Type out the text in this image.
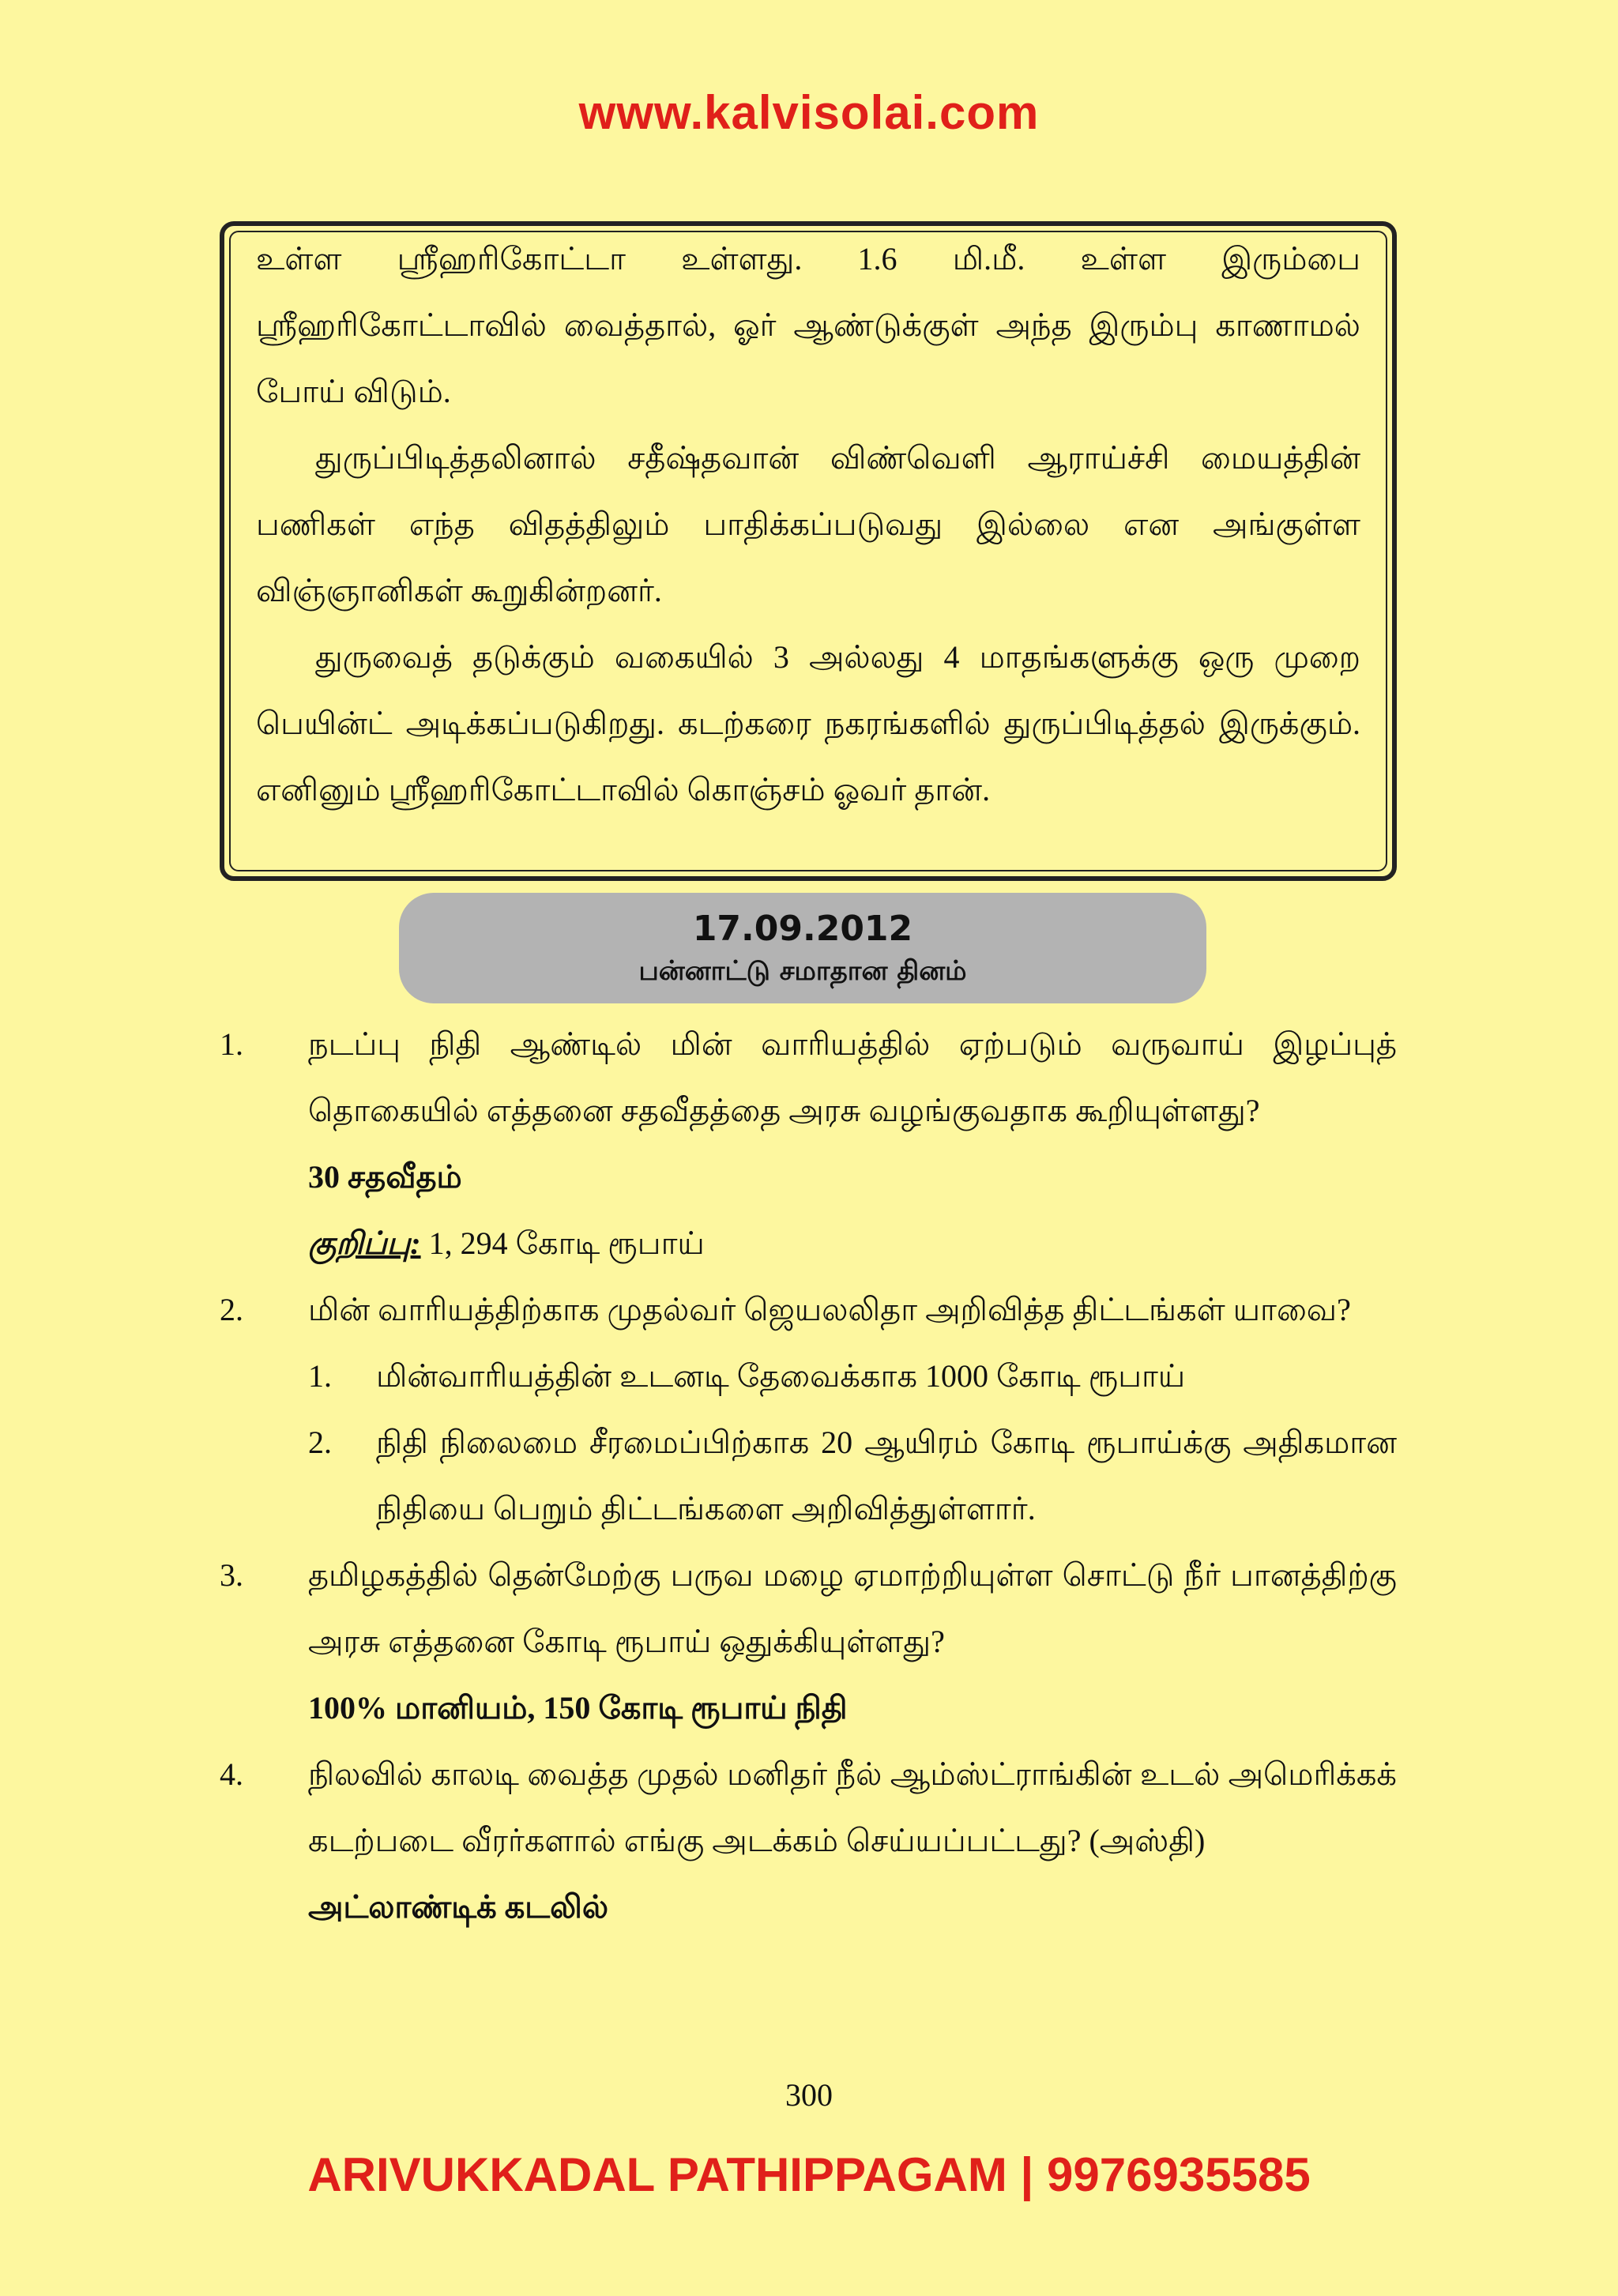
www.kalvisolai.com

உள்ள ஸ்ரீஹரிகோட்டா உள்ளது. 1.6 மி.மீ. உள்ள இரும்பை ஸ்ரீஹரிகோட்டாவில் வைத்தால், ஓர் ஆண்டுக்குள் அந்த இரும்பு காணாமல் போய் விடும்.

துருப்பிடித்தலினால் சதீஷ்தவான் விண்வெளி ஆராய்ச்சி மையத்தின் பணிகள் எந்த விதத்திலும் பாதிக்கப்படுவது இல்லை என அங்குள்ள விஞ்ஞானிகள் கூறுகின்றனர்.

துருவைத் தடுக்கும் வகையில் 3 அல்லது 4 மாதங்களுக்கு ஒரு முறை பெயின்ட் அடிக்கப்படுகிறது. கடற்கரை நகரங்களில் துருப்பிடித்தல் இருக்கும். எனினும் ஸ்ரீஹரிகோட்டாவில் கொஞ்சம் ஓவர் தான்.

17.09.2012
பன்னாட்டு சமாதான தினம்
1.	நடப்பு நிதி ஆண்டில் மின் வாரியத்தில் ஏற்படும் வருவாய் இழப்புத் தொகையில் எத்தனை சதவீதத்தை அரசு வழங்குவதாக கூறியுள்ளது?

30 சதவீதம்

குறிப்பு: 1, 294 கோடி ரூபாய்

2.	மின் வாரியத்திற்காக முதல்வர் ஜெயலலிதா அறிவித்த திட்டங்கள் யாவை?

1. மின்வாரியத்தின் உடனடி தேவைக்காக 1000 கோடி ரூபாய்

2. நிதி நிலைமை சீரமைப்பிற்காக 20 ஆயிரம் கோடி ரூபாய்க்கு அதிகமான நிதியை பெறும் திட்டங்களை அறிவித்துள்ளார்.

3.	தமிழகத்தில் தென்மேற்கு பருவ மழை ஏமாற்றியுள்ள சொட்டு நீர் பானத்திற்கு அரசு எத்தனை கோடி ரூபாய் ஒதுக்கியுள்ளது?

100% மானியம், 150 கோடி ரூபாய் நிதி

4.	நிலவில் காலடி வைத்த முதல் மனிதர் நீல் ஆம்ஸ்ட்ராங்கின் உடல் அமெரிக்கக் கடற்படை வீரர்களால் எங்கு அடக்கம் செய்யப்பட்டது? (அஸ்தி)

அட்லாண்டிக் கடலில்

300
ARIVUKKADAL PATHIPPAGAM | 9976935585
